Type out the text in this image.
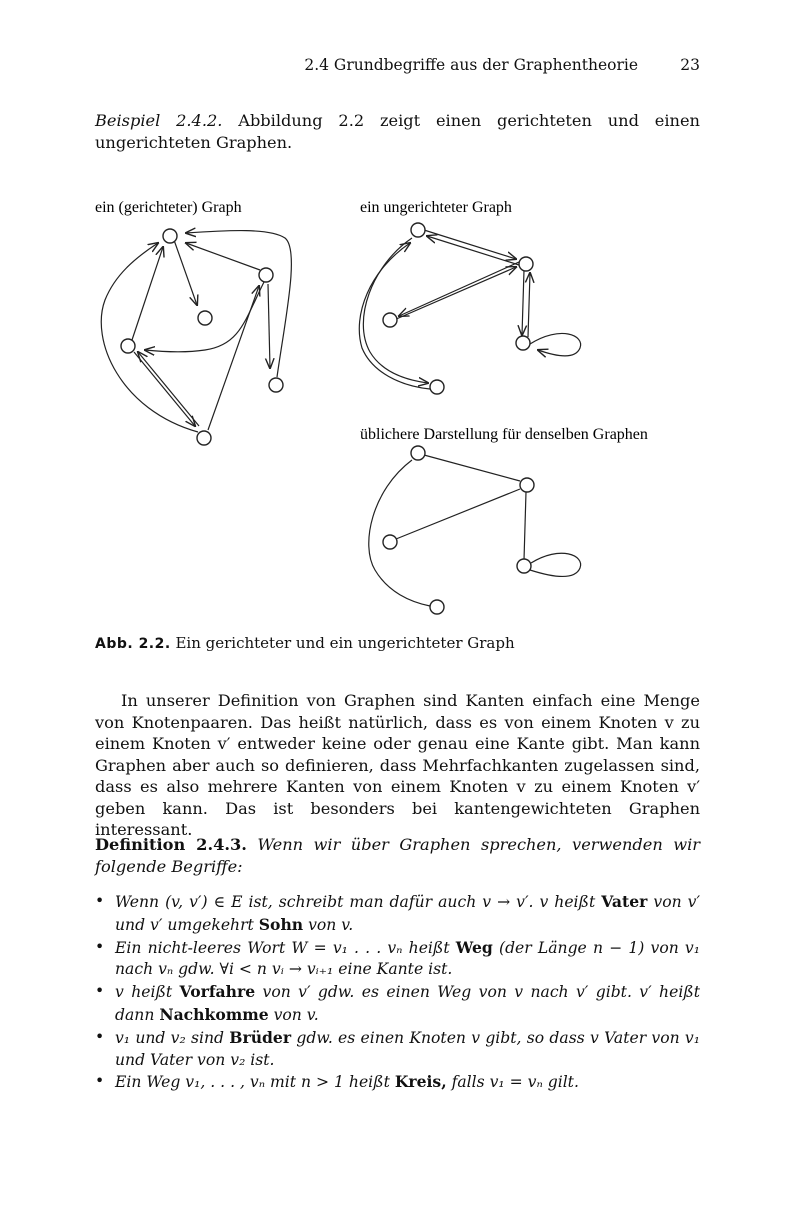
2.4 Grundbegriffe aus der Graphentheorie	23

Beispiel 2.4.2. Abbildung 2.2 zeigt einen gerichteten und einen ungerichteten Graphen.

ein (gerichteter) Graph	ein ungerichteter Graph
üblichere Darstellung für denselben Graphen
Abb. 2.2. Ein gerichteter und ein ungerichteter Graph

In unserer Definition von Graphen sind Kanten einfach eine Menge von Knotenpaaren. Das heißt natürlich, dass es von einem Knoten v zu einem Knoten v′ entweder keine oder genau eine Kante gibt. Man kann Graphen aber auch so definieren, dass Mehrfachkanten zugelassen sind, dass es also mehrere Kanten von einem Knoten v zu einem Knoten v′ geben kann. Das ist besonders bei kantengewichteten Graphen interessant.

Definition 2.4.3. Wenn wir über Graphen sprechen, verwenden wir folgende Begriffe:

• Wenn (v, v′) ∈ E ist, schreibt man dafür auch v → v′. v heißt Vater von v′ und v′ umgekehrt Sohn von v.
• Ein nicht-leeres Wort W = v₁ . . . vₙ heißt Weg (der Länge n − 1) von v₁ nach vₙ gdw. ∀i < n vᵢ → vᵢ₊₁ eine Kante ist.
• v heißt Vorfahre von v′ gdw. es einen Weg von v nach v′ gibt. v′ heißt dann Nachkomme von v.
• v₁ und v₂ sind Brüder gdw. es einen Knoten v gibt, so dass v Vater von v₁ und Vater von v₂ ist.
• Ein Weg v₁, . . . , vₙ mit n > 1 heißt Kreis, falls v₁ = vₙ gilt.
